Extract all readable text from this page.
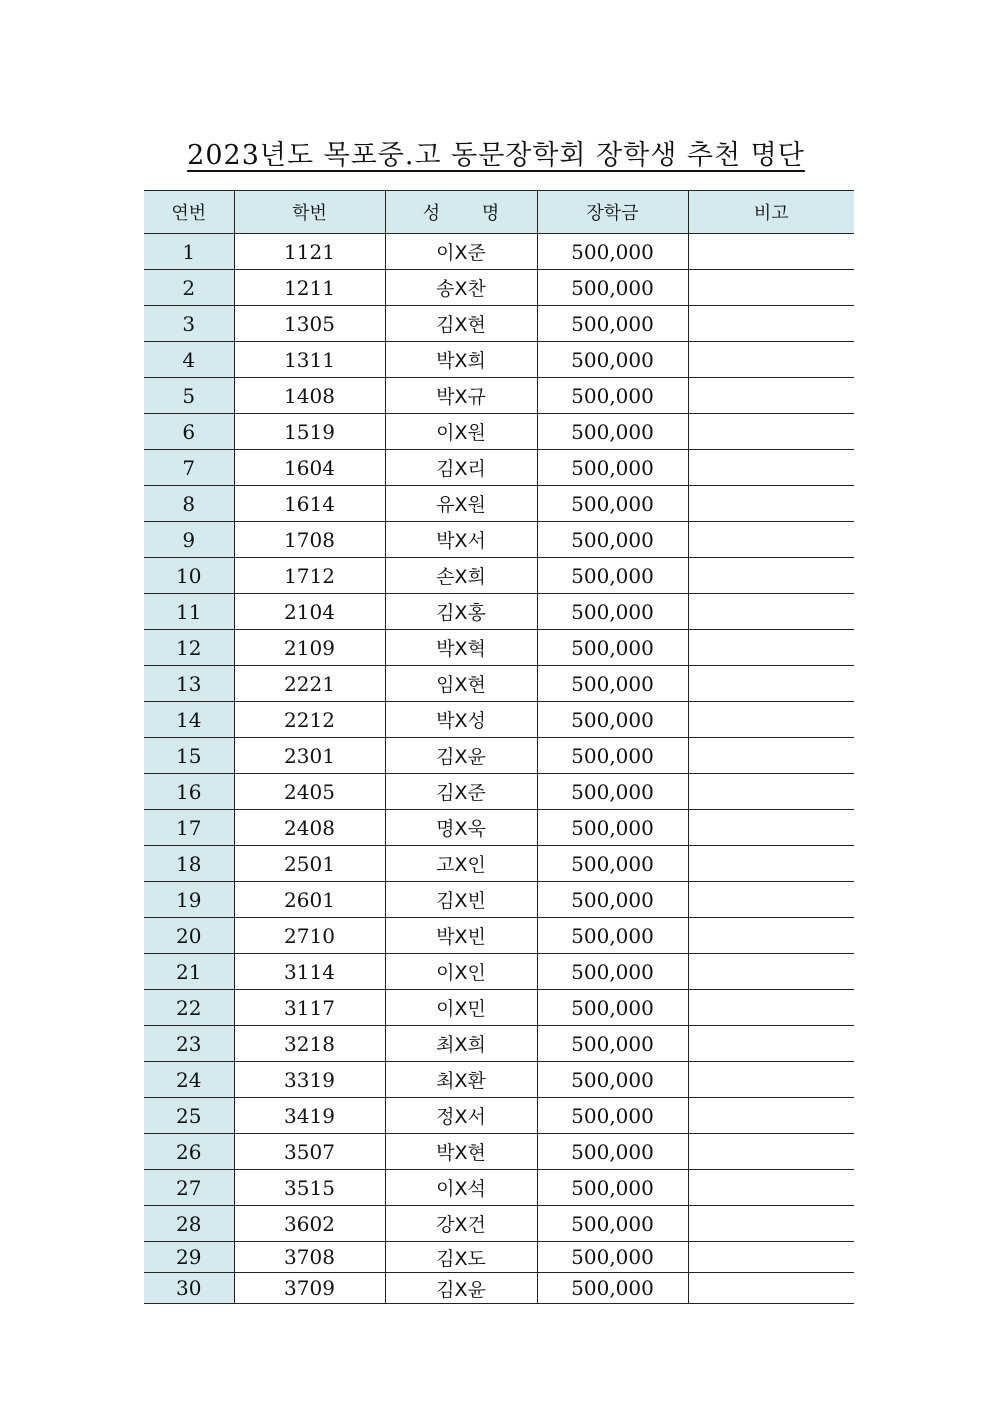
2023년도 목포중.고 동문장학회 장학생 추천 명단
연번	학번	성 명	장학금	비고
1	1121	이X준	500,000	
2	1211	송X찬	500,000	
3	1305	김X현	500,000	
4	1311	박X희	500,000	
5	1408	박X규	500,000	
6	1519	이X원	500,000	
7	1604	김X리	500,000	
8	1614	유X원	500,000	
9	1708	박X서	500,000	
10	1712	손X희	500,000	
11	2104	김X홍	500,000	
12	2109	박X혁	500,000	
13	2221	임X현	500,000	
14	2212	박X성	500,000	
15	2301	김X윤	500,000	
16	2405	김X준	500,000	
17	2408	명X욱	500,000	
18	2501	고X인	500,000	
19	2601	김X빈	500,000	
20	2710	박X빈	500,000	
21	3114	이X인	500,000	
22	3117	이X민	500,000	
23	3218	최X희	500,000	
24	3319	최X환	500,000	
25	3419	정X서	500,000	
26	3507	박X현	500,000	
27	3515	이X석	500,000	
28	3602	강X건	500,000	
29	3708	김X도	500,000	
30	3709	김X윤	500,000	
